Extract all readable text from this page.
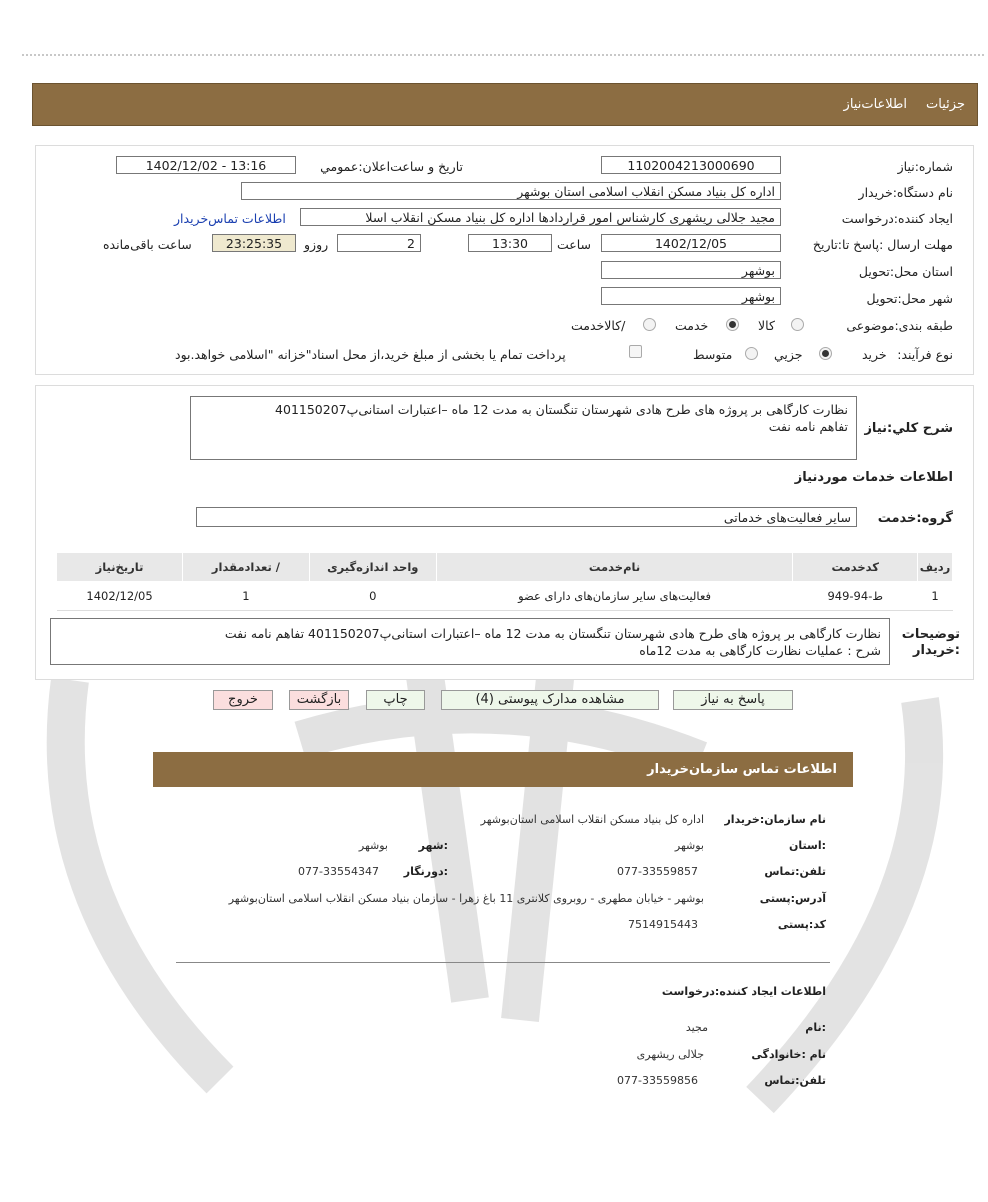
جزئیات
اطلاعات‌نیاز
شماره:نیاز
1102004213000690
تاریخ و ساعت‌اعلان:عمومي
1402/12/02 - 13:16
نام دستگاه:خریدار
اداره کل بنیاد مسکن انقلاب اسلامی استان بوشهر
ایجاد کننده:درخواست
مجید جلالی ریشهری کارشناس امور قراردادها اداره کل بنیاد مسکن انقلاب اسلا
اطلاعات تماس‌خریدار
مهلت ارسال :پاسخ تا:تاریخ
1402/12/05
ساعت
13:30
2
روزو
23:25:35
ساعت باقی‌مانده
استان محل:تحویل
بوشهر
شهر محل:تحویل
بوشهر
طبقه بندی:موضوعی
کالا
خدمت
/کالاخدمت
نوع فرآیند:
خرید
جزیي
متوسط
پرداخت تمام یا بخشی از مبلغ خرید،از محل اسناد"خزانه "اسلامی خواهد.بود
شرح کلي:نیاز
نظارت کارگاهی بر پروژه های طرح هادی شهرستان تنگستان به مدت 12 ماه –اعتبارات استانی‌پ401150207
تفاهم نامه نفت
اطلاعات خدمات موردنیاز
گروه:خدمت
سایر فعالیت‌های خدماتی
ردیف	کدخدمت	نام‌خدمت	واحد اندازه‌گیری	/ تعدادمقدار	تاریخ‌نیاز
1	ط-94-949	فعالیت‌های سایر سازمان‌های دارای عضو	0	1	1402/12/05
توضیحات :خریدار
نظارت کارگاهی بر پروژه های طرح هادی شهرستان تنگستان به مدت 12 ماه –اعتبارات استانی‌پ401150207 تفاهم نامه نفت
شرح : عملیات نظارت کارگاهی به مدت 12ماه
پاسخ به نیاز
مشاهده مدارک پیوستی (4)
چاپ
بازگشت
خروج
اطلاعات تماس سازمان‌خریدار
نام سازمان:خریدار
اداره کل بنیاد مسکن انقلاب اسلامی استان‌بوشهر
:استان
بوشهر
:شهر
بوشهر
تلفن:تماس
077-33559857
:دورنگار
077-33554347
آدرس:پستی
بوشهر - خیابان مطهری - روبروی کلانتری 11 باغ زهرا - سازمان بنیاد مسکن انقلاب اسلامی استان‌بوشهر
کد:پستی
7514915443
اطلاعات ایجاد کننده:درخواست
:نام
مجید
نام :خانوادگی
جلالی ریشهری
تلفن:تماس
077-33559856
